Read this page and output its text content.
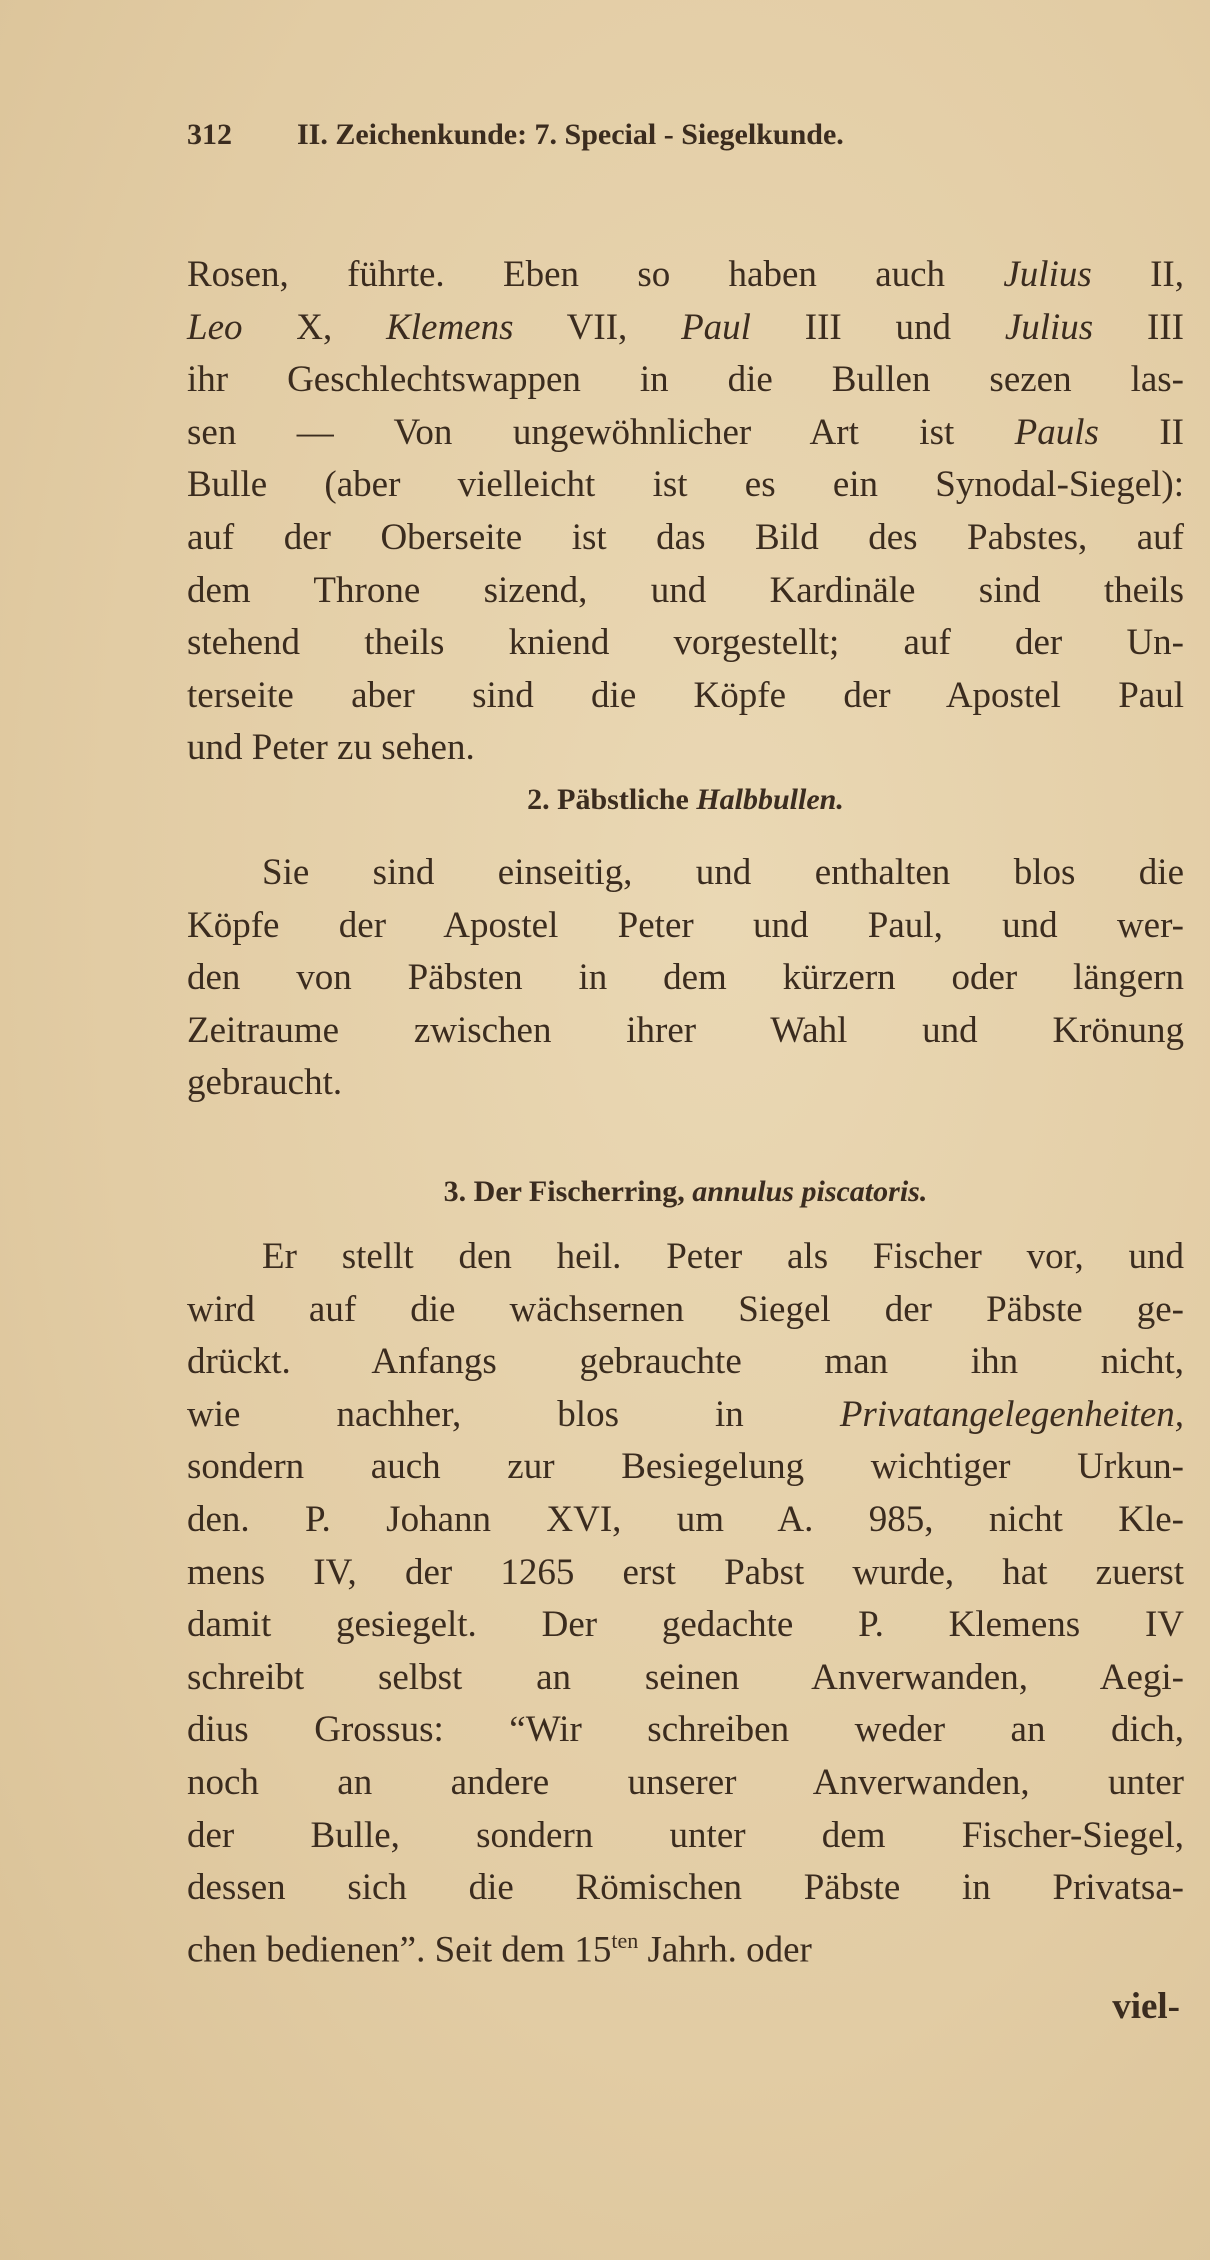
312 II. Zeichenkunde: 7. Special - Siegelkunde.
Rosen, führte. Eben so haben auch Julius II,
Leo X, Klemens VII, Paul III und Julius III
ihr Geschlechtswappen in die Bullen sezen las-
sen — Von ungewöhnlicher Art ist Pauls II
Bulle (aber vielleicht ist es ein Synodal-Siegel):
auf der Oberseite ist das Bild des Pabstes, auf
dem Throne sizend, und Kardinäle sind theils
stehend theils kniend vorgestellt; auf der Un-
terseite aber sind die Köpfe der Apostel Paul
und Peter zu sehen.
2. Päbstliche Halbbullen.
Sie sind einseitig, und enthalten blos die
Köpfe der Apostel Peter und Paul, und wer-
den von Päbsten in dem kürzern oder längern
Zeitraume zwischen ihrer Wahl und Krönung
gebraucht.
3. Der Fischerring, annulus piscatoris.
Er stellt den heil. Peter als Fischer vor, und
wird auf die wächsernen Siegel der Päbste ge-
drückt. Anfangs gebrauchte man ihn nicht,
wie nachher, blos in Privatangelegenheiten,
sondern auch zur Besiegelung wichtiger Urkun-
den. P. Johann XVI, um A. 985, nicht Kle-
mens IV, der 1265 erst Pabst wurde, hat zuerst
damit gesiegelt. Der gedachte P. Klemens IV
schreibt selbst an seinen Anverwanden, Aegi-
dius Grossus: “Wir schreiben weder an dich,
noch an andere unserer Anverwanden, unter
der Bulle, sondern unter dem Fischer-Siegel,
dessen sich die Römischen Päbste in Privatsa-
chen bedienen”. Seit dem $15^{ten}$ Jahrh. oder
viel-
